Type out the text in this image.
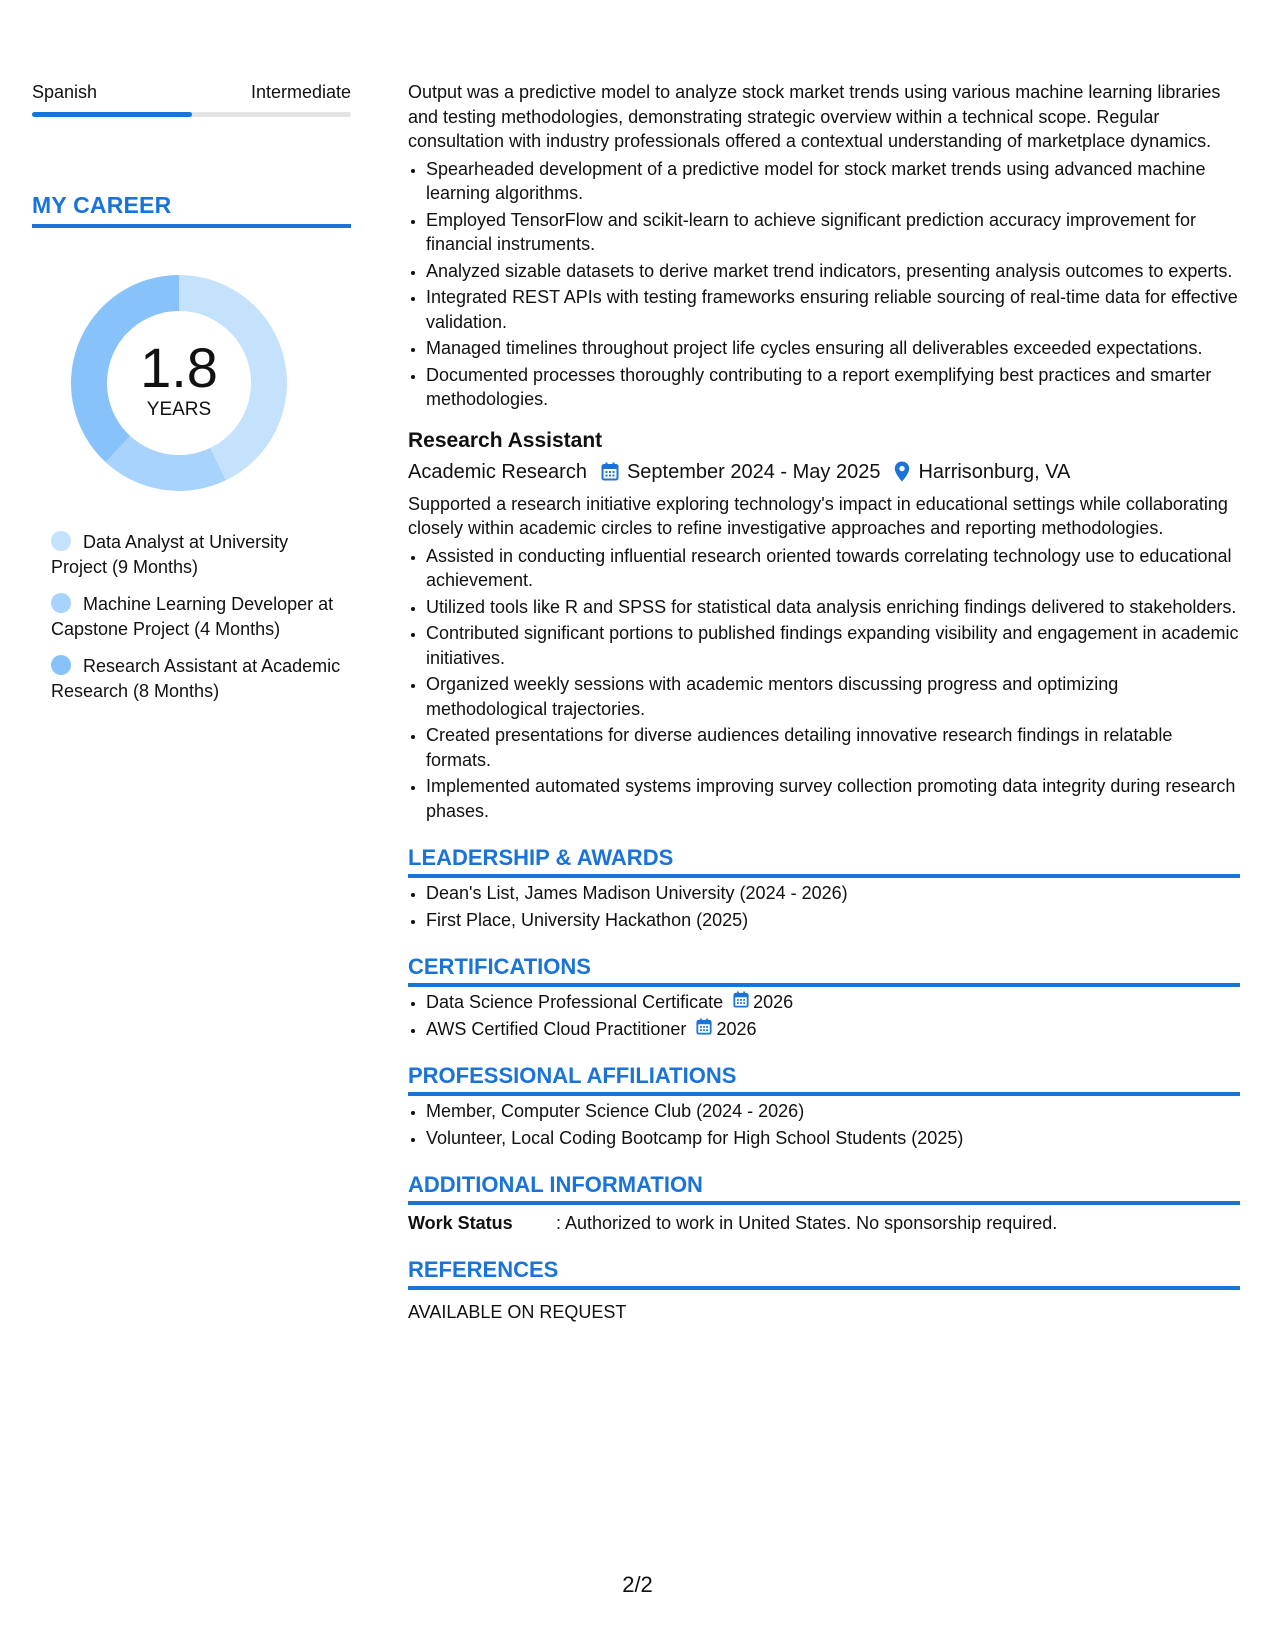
Spanish	Intermediate
MY CAREER
1.8
YEARS
Data Analyst at University Project (9 Months)
Machine Learning Developer at Capstone Project (4 Months)
Research Assistant at Academic Research (8 Months)

Output was a predictive model to analyze stock market trends using various machine learning libraries and testing methodologies, demonstrating strategic overview within a technical scope. Regular consultation with industry professionals offered a contextual understanding of marketplace dynamics.

• Spearheaded development of a predictive model for stock market trends using advanced machine learning algorithms.
• Employed TensorFlow and scikit-learn to achieve significant prediction accuracy improvement for financial instruments.
• Analyzed sizable datasets to derive market trend indicators, presenting analysis outcomes to experts.
• Integrated REST APIs with testing frameworks ensuring reliable sourcing of real-time data for effective validation.
• Managed timelines throughout project life cycles ensuring all deliverables exceeded expectations.
• Documented processes thoroughly contributing to a report exemplifying best practices and smarter methodologies.
Research Assistant
Academic Research September 2024 - May 2025 Harrisonburg, VA

Supported a research initiative exploring technology's impact in educational settings while collaborating closely within academic circles to refine investigative approaches and reporting methodologies.

• Assisted in conducting influential research oriented towards correlating technology use to educational achievement.
• Utilized tools like R and SPSS for statistical data analysis enriching findings delivered to stakeholders.
• Contributed significant portions to published findings expanding visibility and engagement in academic initiatives.
• Organized weekly sessions with academic mentors discussing progress and optimizing methodological trajectories.
• Created presentations for diverse audiences detailing innovative research findings in relatable formats.
• Implemented automated systems improving survey collection promoting data integrity during research phases.
LEADERSHIP & AWARDS
• Dean's List, James Madison University (2024 - 2026)
• First Place, University Hackathon (2025)
CERTIFICATIONS
• Data Science Professional Certificate 2026
• AWS Certified Cloud Practitioner 2026
PROFESSIONAL AFFILIATIONS
• Member, Computer Science Club (2024 - 2026)
• Volunteer, Local Coding Bootcamp for High School Students (2025)
ADDITIONAL INFORMATION
Work Status	: Authorized to work in United States. No sponsorship required.
REFERENCES
AVAILABLE ON REQUEST
2/2
